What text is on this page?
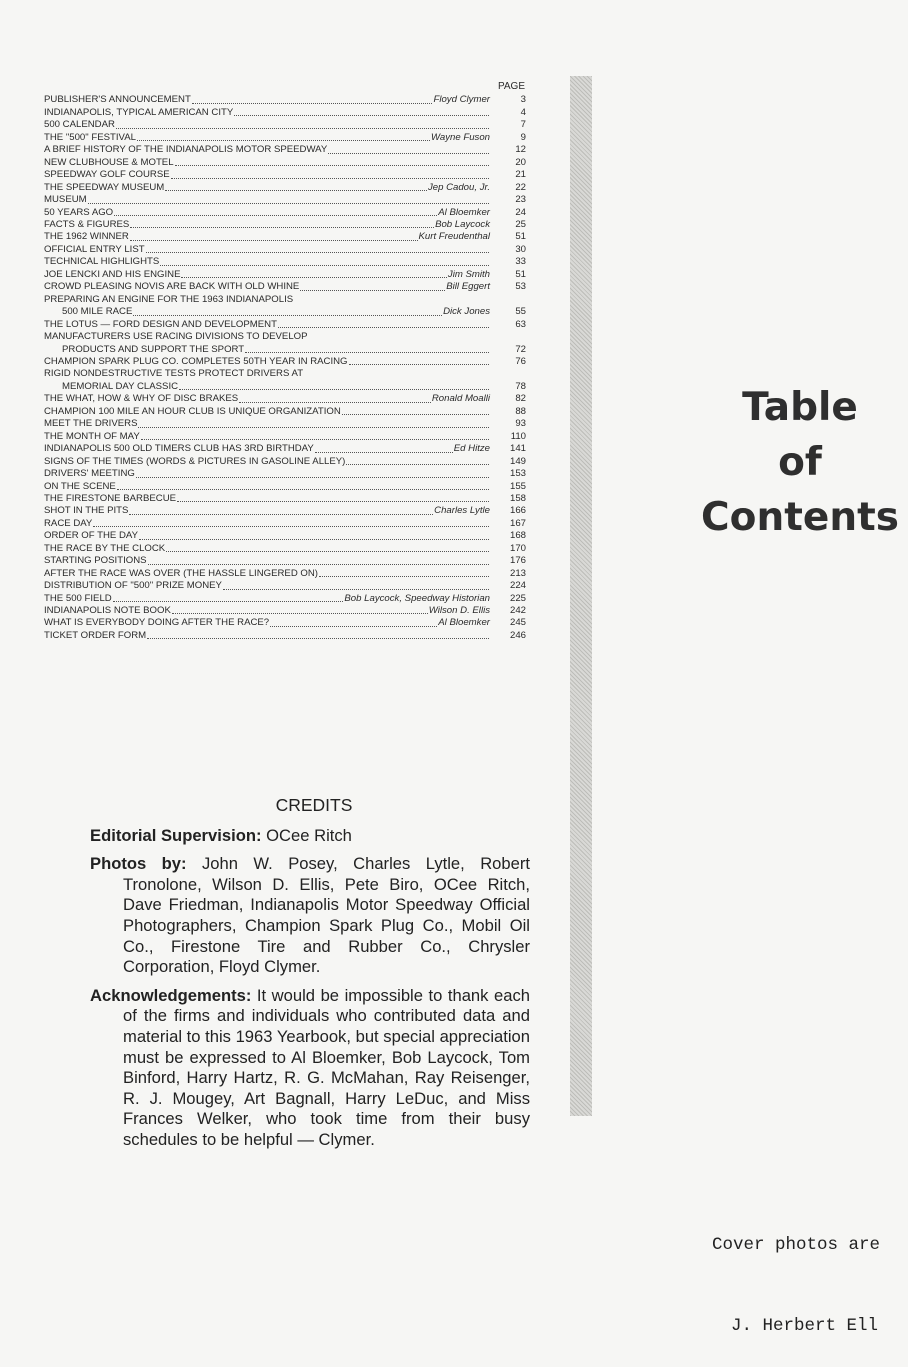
PAGE
PUBLISHER'S ANNOUNCEMENT	Floyd Clymer	3
INDIANAPOLIS, TYPICAL AMERICAN CITY	4
500 CALENDAR	7
THE "500" FESTIVAL	Wayne Fuson	9
A BRIEF HISTORY OF THE INDIANAPOLIS MOTOR SPEEDWAY	12
NEW CLUBHOUSE & MOTEL	20
SPEEDWAY GOLF COURSE	21
THE SPEEDWAY MUSEUM	Jep Cadou, Jr.	22
MUSEUM	23
50 YEARS AGO	Al Bloemker	24
FACTS & FIGURES	Bob Laycock	25
THE 1962 WINNER	Kurt Freudenthal	51
OFFICIAL ENTRY LIST	30
TECHNICAL HIGHLIGHTS	33
JOE LENCKI AND HIS ENGINE	Jim Smith	51
CROWD PLEASING NOVIS ARE BACK WITH OLD WHINE	Bill Eggert	53
PREPARING AN ENGINE FOR THE 1963 INDIANAPOLIS
500 MILE RACE	Dick Jones	55
THE LOTUS — FORD DESIGN AND DEVELOPMENT	63
MANUFACTURERS USE RACING DIVISIONS TO DEVELOP
PRODUCTS AND SUPPORT THE SPORT	72
CHAMPION SPARK PLUG CO. COMPLETES 50TH YEAR IN RACING	76
RIGID NONDESTRUCTIVE TESTS PROTECT DRIVERS AT
MEMORIAL DAY CLASSIC	78
THE WHAT, HOW & WHY OF DISC BRAKES	Ronald Moalli	82
CHAMPION 100 MILE AN HOUR CLUB IS UNIQUE ORGANIZATION	88
MEET THE DRIVERS	93
THE MONTH OF MAY	110
INDIANAPOLIS 500 OLD TIMERS CLUB HAS 3RD BIRTHDAY	Ed Hitze	141
SIGNS OF THE TIMES (WORDS & PICTURES IN GASOLINE ALLEY)	149
DRIVERS' MEETING	153
ON THE SCENE	155
THE FIRESTONE BARBECUE	158
SHOT IN THE PITS	Charles Lytle	166
RACE DAY	167
ORDER OF THE DAY	168
THE RACE BY THE CLOCK	170
STARTING POSITIONS	176
AFTER THE RACE WAS OVER (THE HASSLE LINGERED ON)	213
DISTRIBUTION OF "500" PRIZE MONEY	224
THE 500 FIELD	Bob Laycock, Speedway Historian	225
INDIANAPOLIS NOTE BOOK	Wilson D. Ellis	242
WHAT IS EVERYBODY DOING AFTER THE RACE?	Al Bloemker	245
TICKET ORDER FORM	246
Table
of
Contents
CREDITS

Editorial Supervision: OCee Ritch

Photos by: John W. Posey, Charles Lytle, Robert Tronolone, Wilson D. Ellis, Pete Biro, OCee Ritch, Dave Friedman, Indianapolis Motor Speedway Official Photographers, Champion Spark Plug Co., Mobil Oil Co., Firestone Tire and Rubber Co., Chrysler Corporation, Floyd Clymer.

Acknowledgements: It would be impossible to thank each of the firms and individuals who contributed data and material to this 1963 Yearbook, but special appreciation must be expressed to Al Bloemker, Bob Laycock, Tom Binford, Harry Hartz, R. G. McMahan, Ray Reisenger, R. J. Mougey, Art Bagnall, Harry LeDuc, and Miss Frances Welker, who took time from their busy schedules to be helpful — Clymer.

Cover photos are

J. Herbert Ell
